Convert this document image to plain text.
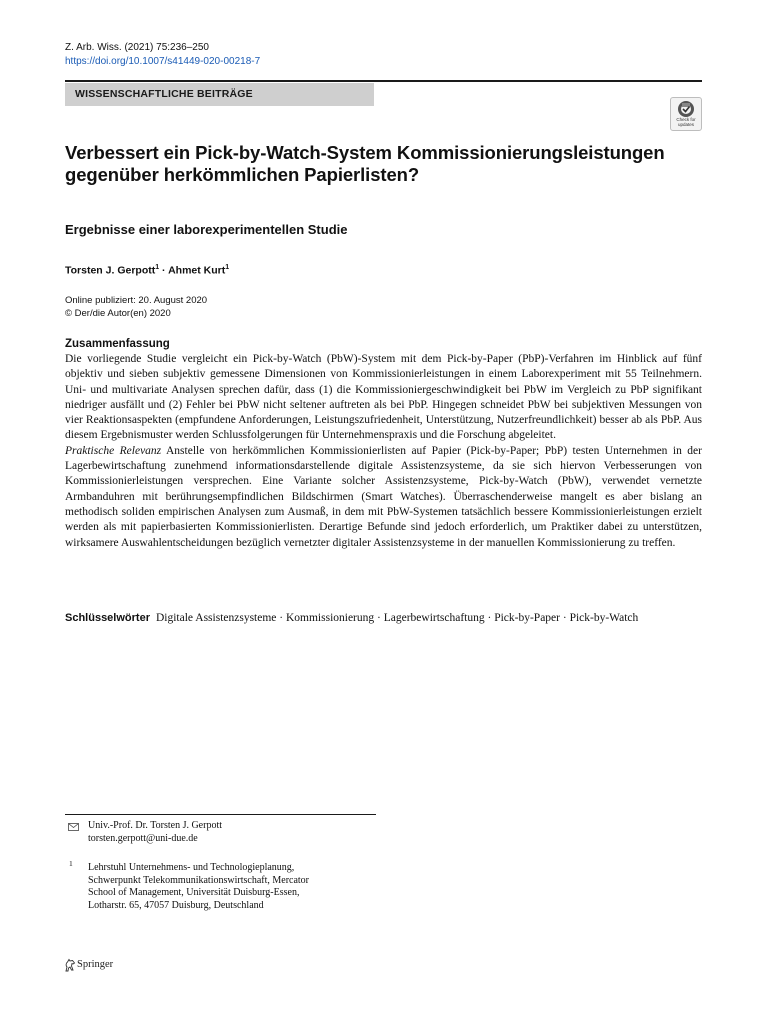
Z. Arb. Wiss. (2021) 75:236–250
https://doi.org/10.1007/s41449-020-00218-7
WISSENSCHAFTLICHE BEITRÄGE
Check for updates
Verbessert ein Pick-by-Watch-System Kommissionierungsleistungen gegenüber herkömmlichen Papierlisten?
Ergebnisse einer laborexperimentellen Studie
Torsten J. Gerpott$^1$ · Ahmet Kurt$^1$
Online publiziert: 20. August 2020
© Der/die Autor(en) 2020
Zusammenfassung

Die vorliegende Studie vergleicht ein Pick-by-Watch (PbW)-System mit dem Pick-by-Paper (PbP)-Verfahren im Hinblick auf fünf objektiv und sieben subjektiv gemessene Dimensionen von Kommissionierleistungen in einem Laborexperiment mit 55 Teilnehmern. Uni- und multivariate Analysen sprechen dafür, dass (1) die Kommissioniergeschwindigkeit bei PbW im Vergleich zu PbP signifikant niedriger ausfällt und (2) Fehler bei PbW nicht seltener auftreten als bei PbP. Hingegen schneidet PbW bei subjektiven Messungen von vier Reaktionsaspekten (empfundene Anforderungen, Leistungszufriedenheit, Unterstützung, Nutzerfreundlichkeit) besser ab als PbP. Aus diesem Ergebnismuster werden Schlussfolgerungen für Unternehmenspraxis und die Forschung abgeleitet.

Praktische Relevanz Anstelle von herkömmlichen Kommissionierlisten auf Papier (Pick-by-Paper; PbP) testen Unternehmen in der Lagerbewirtschaftung zunehmend informationsdarstellende digitale Assistenzsysteme, da sie sich hiervon Verbesserungen von Kommissionierleistungen versprechen. Eine Variante solcher Assistenzsysteme, Pick-by-Watch (PbW), verwendet vernetzte Armbanduhren mit berührungsempfindlichen Bildschirmen (Smart Watches). Überraschenderweise mangelt es aber bislang an methodisch soliden empirischen Analysen zum Ausmaß, in dem mit PbW-Systemen tatsächlich bessere Kommissionierleistungen erzielt werden als mit papierbasierten Kommissionierlisten. Derartige Befunde sind jedoch erforderlich, um Praktiker dabei zu unterstützen, wirksamere Auswahlentscheidungen bezüglich vernetzter digitaler Assistenzsysteme in der manuellen Kommissionierung zu treffen.

Schlüsselwörter Digitale Assistenzsysteme · Kommissionierung · Lagerbewirtschaftung · Pick-by-Paper · Pick-by-Watch
Univ.-Prof. Dr. Torsten J. Gerpott
torsten.gerpott@uni-due.de
1 Lehrstuhl Unternehmens- und Technologieplanung,
Schwerpunkt Telekommunikationswirtschaft, Mercator
School of Management, Universität Duisburg-Essen,
Lotharstr. 65, 47057 Duisburg, Deutschland
Springer
